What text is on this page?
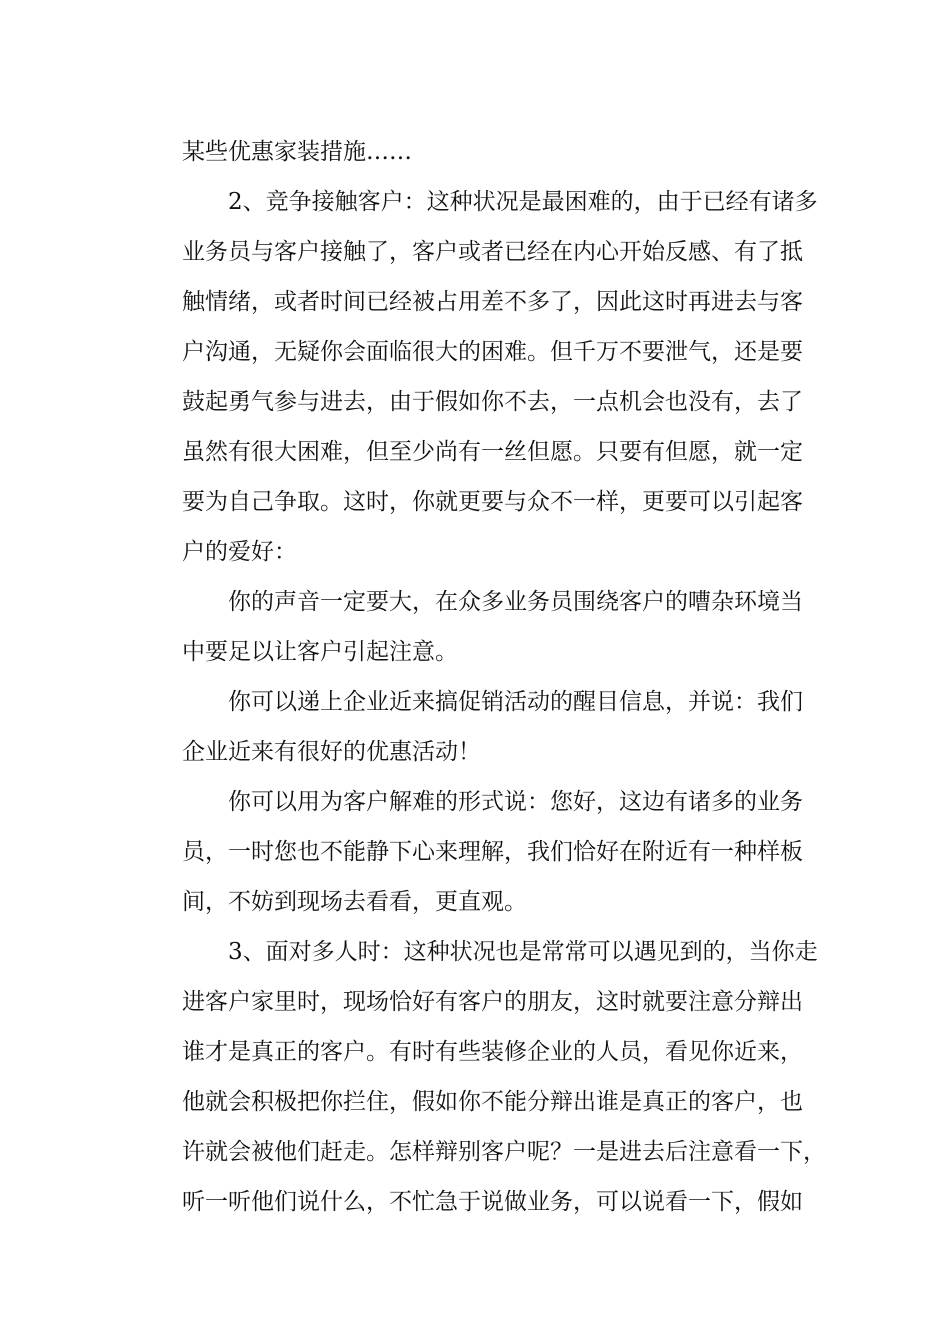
某些优惠家装措施……
2、竞争接触客户：这种状况是最困难的，由于已经有诸多
业务员与客户接触了，客户或者已经在内心开始反感、有了抵
触情绪，或者时间已经被占用差不多了，因此这时再进去与客
户沟通，无疑你会面临很大的困难。但千万不要泄气，还是要
鼓起勇气参与进去，由于假如你不去，一点机会也没有，去了
虽然有很大困难，但至少尚有一丝但愿。只要有但愿，就一定
要为自己争取。这时，你就更要与众不一样，更要可以引起客
户的爱好：
你的声音一定要大，在众多业务员围绕客户的嘈杂环境当
中要足以让客户引起注意。
你可以递上企业近来搞促销活动的醒目信息，并说：我们
企业近来有很好的优惠活动！
你可以用为客户解难的形式说：您好，这边有诸多的业务
员，一时您也不能静下心来理解，我们恰好在附近有一种样板
间，不妨到现场去看看，更直观。
3、面对多人时：这种状况也是常常可以遇见到的，当你走
进客户家里时，现场恰好有客户的朋友，这时就要注意分辩出
谁才是真正的客户。有时有些装修企业的人员，看见你近来，
他就会积极把你拦住，假如你不能分辩出谁是真正的客户，也
许就会被他们赶走。怎样辩别客户呢？一是进去后注意看一下，
听一听他们说什么，不忙急于说做业务，可以说看一下，假如
